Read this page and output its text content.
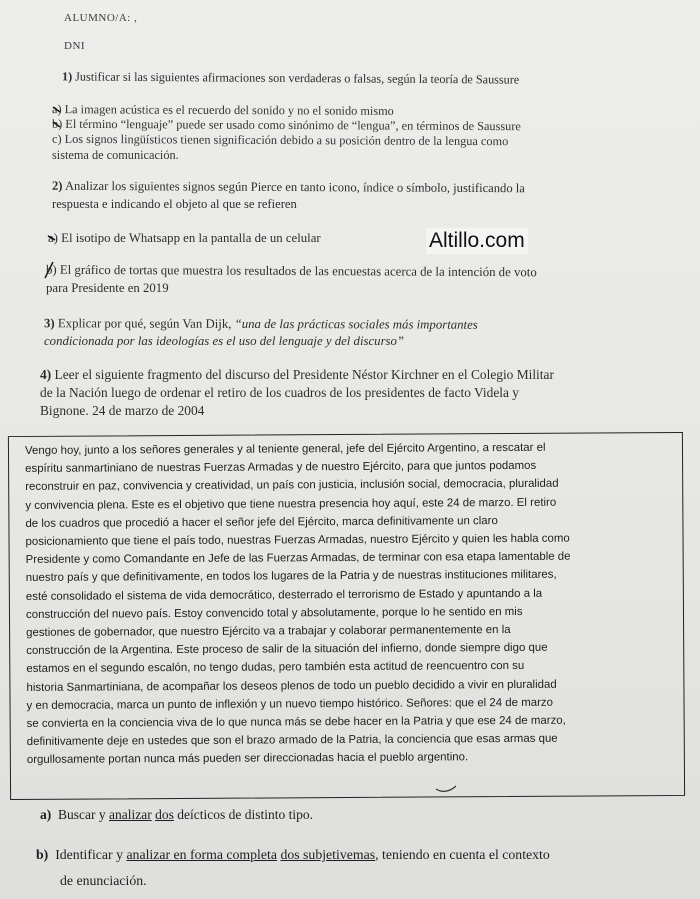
ALUMNO/A: ,
DNI
1) Justificar si las siguientes afirmaciones son verdaderas o falsas, según la teoría de Saussure
a) La imagen acústica es el recuerdo del sonido y no el sonido mismo
b) El término “lenguaje” puede ser usado como sinónimo de “lengua”, en términos de Saussure
c) Los signos lingüísticos tienen significación debido a su posición dentro de la lengua como
sistema de comunicación.
2) Analizar los siguientes signos según Pierce en tanto icono, índice o símbolo, justificando la
respuesta e indicando el objeto al que se refieren
a) El isotipo de Whatsapp en la pantalla de un celular	Altillo.com
b) El gráfico de tortas que muestra los resultados de las encuestas acerca de la intención de voto
para Presidente en 2019
3) Explicar por qué, según Van Dijk, “una de las prácticas sociales más importantes
condicionada por las ideologías es el uso del lenguaje y del discurso”
4) Leer el siguiente fragmento del discurso del Presidente Néstor Kirchner en el Colegio Militar
de la Nación luego de ordenar el retiro de los cuadros de los presidentes de facto Videla y
Bignone. 24 de marzo de 2004
Vengo hoy, junto a los señores generales y al teniente general, jefe del Ejército Argentino, a rescatar el
espíritu sanmartiniano de nuestras Fuerzas Armadas y de nuestro Ejército, para que juntos podamos
reconstruir en paz, convivencia y creatividad, un país con justicia, inclusión social, democracia, pluralidad
y convivencia plena. Este es el objetivo que tiene nuestra presencia hoy aquí, este 24 de marzo. El retiro
de los cuadros que procedió a hacer el señor jefe del Ejército, marca definitivamente un claro
posicionamiento que tiene el país todo, nuestras Fuerzas Armadas, nuestro Ejército y quien les habla como
Presidente y como Comandante en Jefe de las Fuerzas Armadas, de terminar con esa etapa lamentable de
nuestro país y que definitivamente, en todos los lugares de la Patria y de nuestras instituciones militares,
esté consolidado el sistema de vida democrático, desterrado el terrorismo de Estado y apuntando a la
construcción del nuevo país. Estoy convencido total y absolutamente, porque lo he sentido en mis
gestiones de gobernador, que nuestro Ejército va a trabajar y colaborar permanentemente en la
construcción de la Argentina. Este proceso de salir de la situación del infierno, donde siempre digo que
estamos en el segundo escalón, no tengo dudas, pero también esta actitud de reencuentro con su
historia Sanmartiniana, de acompañar los deseos plenos de todo un pueblo decidido a vivir en pluralidad
y en democracia, marca un punto de inflexión y un nuevo tiempo histórico. Señores: que el 24 de marzo
se convierta en la conciencia viva de lo que nunca más se debe hacer en la Patria y que ese 24 de marzo,
definitivamente deje en ustedes que son el brazo armado de la Patria, la conciencia que esas armas que
orgullosamente portan nunca más pueden ser direccionadas hacia el pueblo argentino.
a) Buscar y analizar dos deícticos de distinto tipo.
b) Identificar y analizar en forma completa dos subjetivemas, teniendo en cuenta el contexto
de enunciación.
